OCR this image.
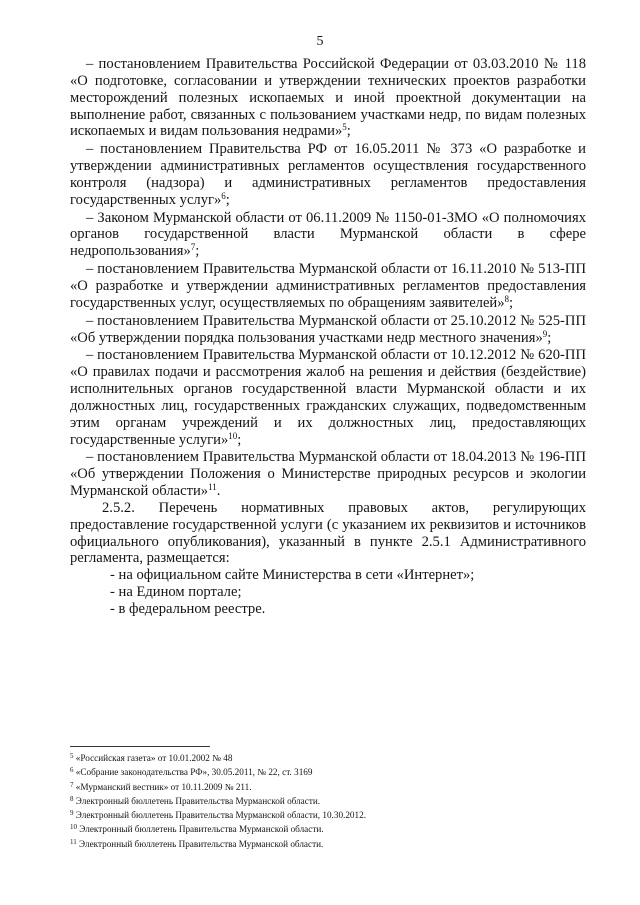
5

– постановлением Правительства Российской Федерации от 03.03.2010 № 118 «О подготовке, согласовании и утверждении технических проектов разработки месторождений полезных ископаемых и иной проектной документации на выполнение работ, связанных с пользованием участками недр, по видам полезных ископаемых и видам пользования недрами»$^5$;

– постановлением Правительства РФ от 16.05.2011 № 373 «О разработке и утверждении административных регламентов осуществления государственного контроля (надзора) и административных регламентов предоставления государственных услуг»$^6$;

– Законом Мурманской области от 06.11.2009 № 1150-01-ЗМО «О полномочиях органов государственной власти Мурманской области в сфере недропользования»$^7$;

– постановлением Правительства Мурманской области от 16.11.2010 № 513-ПП «О разработке и утверждении административных регламентов предоставления государственных услуг, осуществляемых по обращениям заявителей»$^8$;

– постановлением Правительства Мурманской области от 25.10.2012 № 525-ПП «Об утверждении порядка пользования участками недр местного значения»$^9$;

– постановлением Правительства Мурманской области от 10.12.2012 № 620-ПП «О правилах подачи и рассмотрения жалоб на решения и действия (бездействие) исполнительных органов государственной власти Мурманской области и их должностных лиц, государственных гражданских служащих, подведомственным этим органам учреждений и их должностных лиц, предоставляющих государственные услуги»$^{10}$;

– постановлением Правительства Мурманской области от 18.04.2013 № 196-ПП «Об утверждении Положения о Министерстве природных ресурсов и экологии Мурманской области»$^{11}$.

2.5.2. Перечень нормативных правовых актов, регулирующих предоставление государственной услуги (с указанием их реквизитов и источников официального опубликования), указанный в пункте 2.5.1 Административного регламента, размещается:

- на официальном сайте Министерства в сети «Интернет»;

- на Едином портале;

- в федеральном реестре.

$^5$ «Российская газета» от 10.01.2002 № 48
$^6$ «Собрание законодательства РФ», 30.05.2011, № 22, ст. 3169
$^7$ «Мурманский вестник» от 10.11.2009 № 211.
$^8$ Электронный бюллетень Правительства Мурманской области.
$^9$ Электронный бюллетень Правительства Мурманской области, 10.30.2012.
$^{10}$ Электронный бюллетень Правительства Мурманской области.
$^{11}$ Электронный бюллетень Правительства Мурманской области.
